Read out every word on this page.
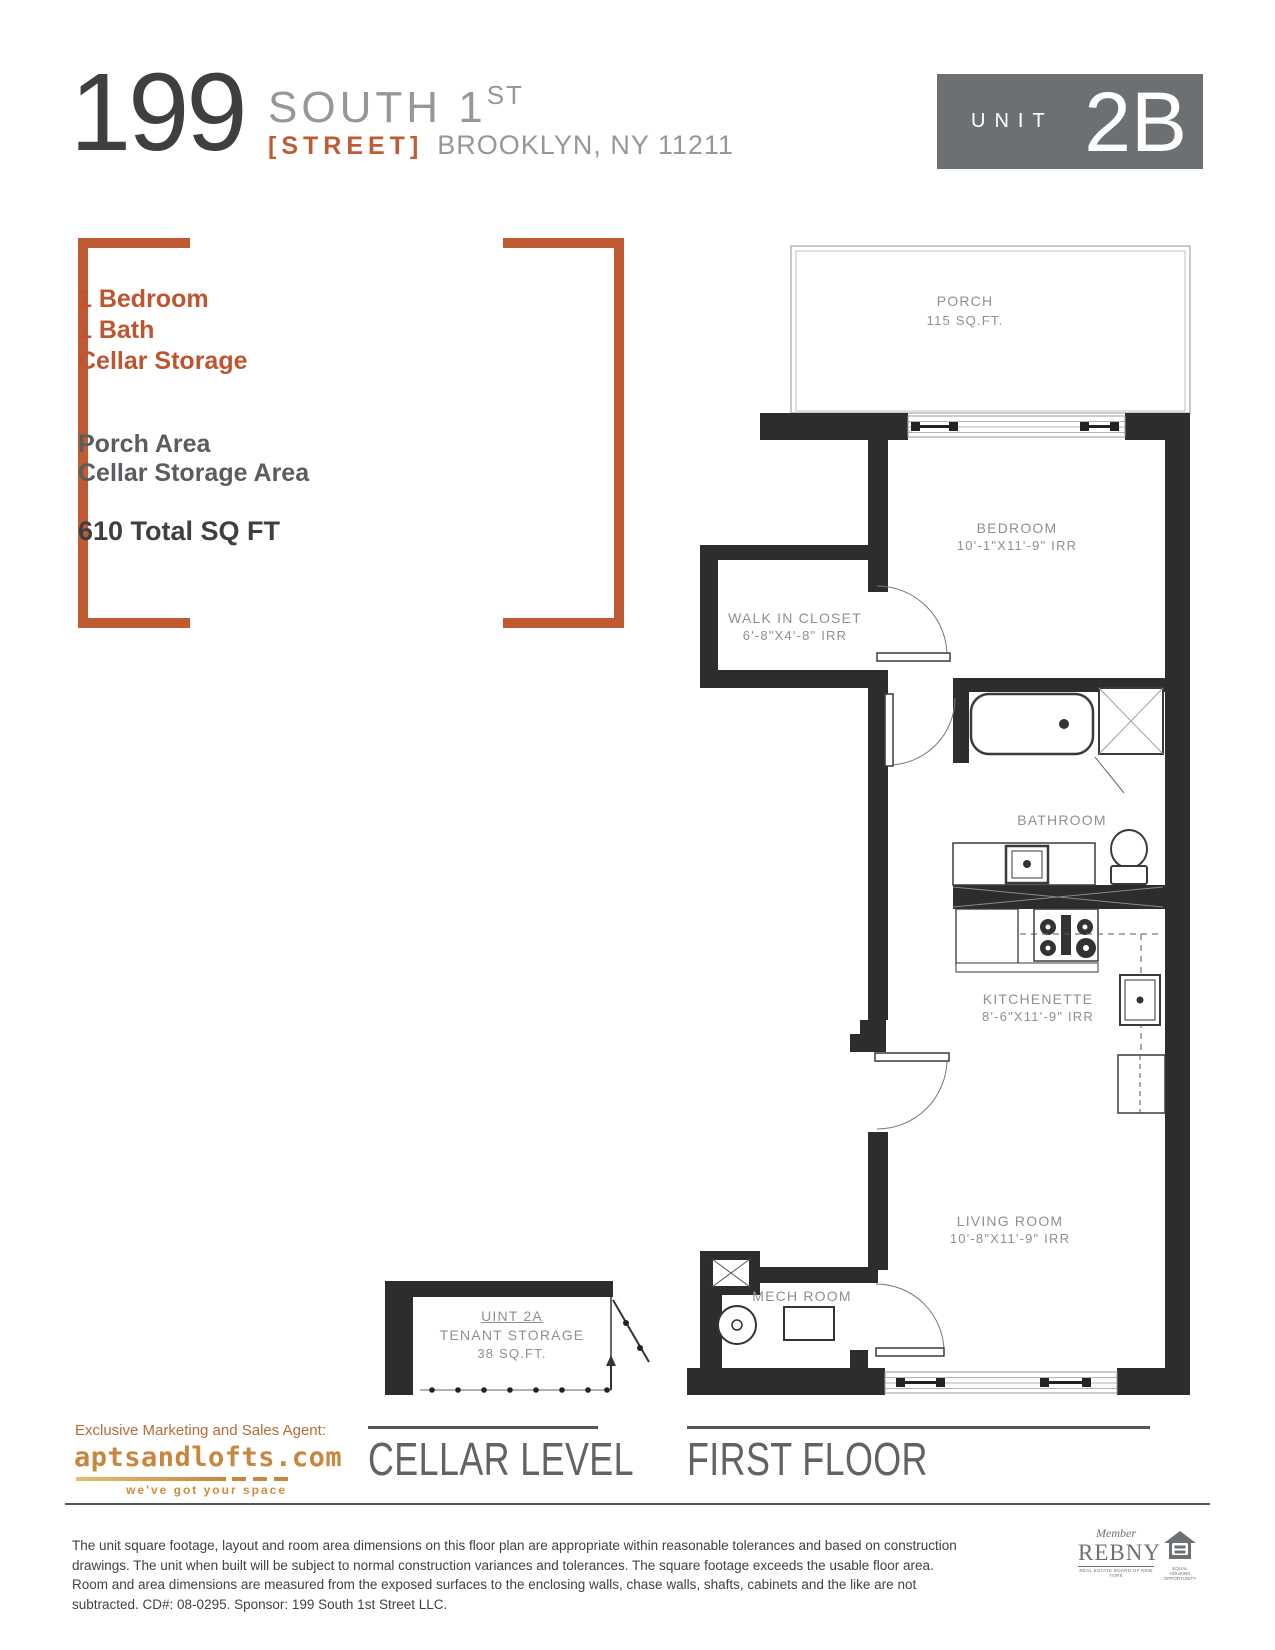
199 SOUTH 1ST
[STREET] BROOKLYN, NY 11211
UNIT 2B
1 Bedroom
1 Bath
Cellar Storage
Porch Area
Cellar Storage Area
610 Total SQ FT
PORCH
115 SQ.FT.
BEDROOM
10'-1"X11'-9" IRR
WALK IN CLOSET
6'-8"X4'-8" IRR
BATHROOM
KITCHENETTE
8'-6"X11'-9" IRR
LIVING ROOM
10'-8"X11'-9" IRR
MECH ROOM
UINT 2A
TENANT STORAGE
38 SQ.FT.
CELLAR LEVEL FIRST FLOOR
Exclusive Marketing and Sales Agent:
aptsandlofts.com
we've got your space
The unit square footage, layout and room area dimensions on this floor plan are appropriate within reasonable tolerances and based on construction drawings. The unit when built will be subject to normal construction variances and tolerances. The square footage exceeds the usable floor area. Room and area dimensions are measured from the exposed surfaces to the enclosing walls, chase walls, shafts, cabinets and the like are not subtracted. CD#: 08-0295. Sponsor: 199 South 1st Street LLC.
Member
REBNY
REAL ESTATE BOARD OF NEW YORK
EQUAL HOUSING OPPORTUNITY
